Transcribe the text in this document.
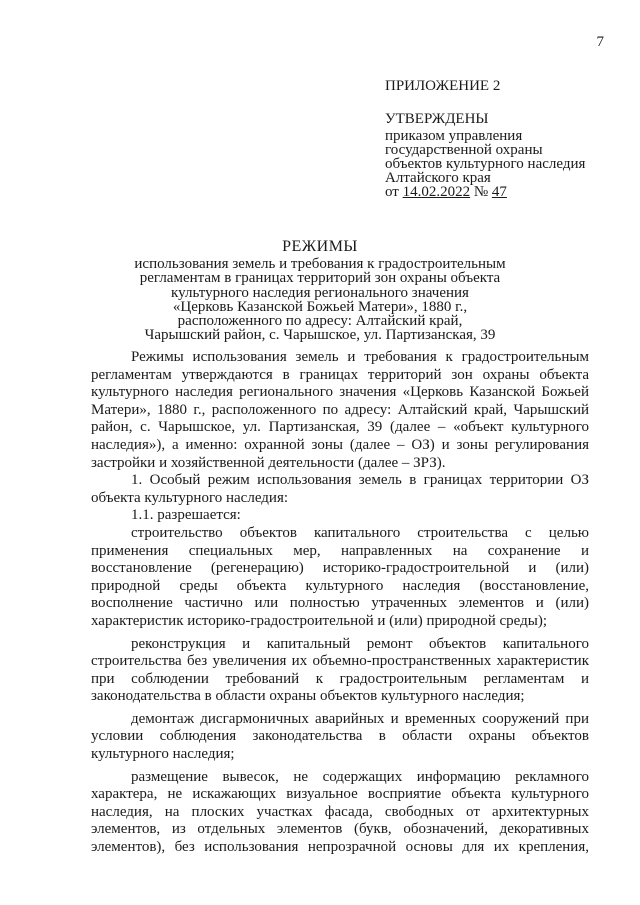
7
ПРИЛОЖЕНИЕ 2
УТВЕРЖДЕНЫ
приказом управления
государственной охраны
объектов культурного наследия
Алтайского края
от 14.02.2022 № 47
РЕЖИМЫ
использования земель и требования к градостроительным
регламентам в границах территорий зон охраны объекта
культурного наследия регионального значения
«Церковь Казанской Божьей Матери», 1880 г.,
расположенного по адресу: Алтайский край,
Чарышский район, с. Чарышское, ул. Партизанская, 39

Режимы использования земель и требования к градостроительным регламентам утверждаются в границах территорий зон охраны объекта культурного наследия регионального значения «Церковь Казанской Божьей Матери», 1880 г., расположенного по адресу: Алтайский край, Чарышский район, с. Чарышское, ул. Партизанская, 39 (далее – «объект культурного наследия»), а именно: охранной зоны (далее – ОЗ) и зоны регулирования застройки и хозяйственной деятельности (далее – ЗРЗ).

1. Особый режим использования земель в границах территории ОЗ объекта культурного наследия:

1.1. разрешается:

строительство объектов капитального строительства с целью применения специальных мер, направленных на сохранение и восстановление (регенерацию) историко-градостроительной и (или) природной среды объекта культурного наследия (восстановление, восполнение частично или полностью утраченных элементов и (или) характеристик историко-градостроительной и (или) природной среды);

реконструкция и капитальный ремонт объектов капитального строительства без увеличения их объемно-пространственных характеристик при соблюдении требований к градостроительным регламентам и законодательства в области охраны объектов культурного наследия;

демонтаж дисгармоничных аварийных и временных сооружений при условии соблюдения законодательства в области охраны объектов культурного наследия;

размещение вывесок, не содержащих информацию рекламного характера, не искажающих визуальное восприятие объекта культурного наследия, на плоских участках фасада, свободных от архитектурных элементов, из отдельных элементов (букв, обозначений, декоративных элементов), без использования непрозрачной основы для их крепления,
